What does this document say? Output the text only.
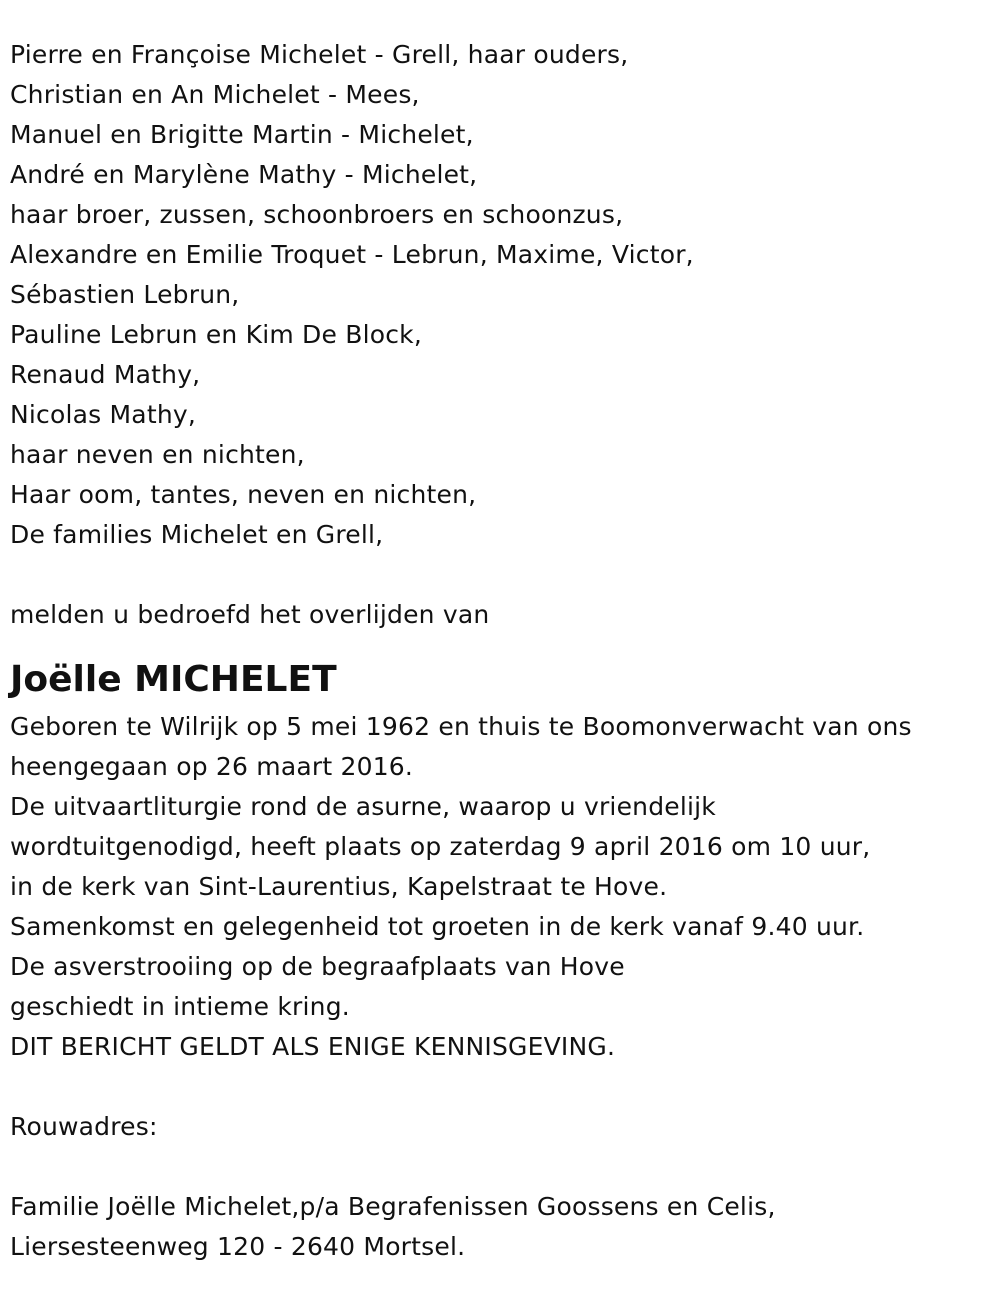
Pierre en Françoise Michelet - Grell, haar ouders,
Christian en An Michelet - Mees,
Manuel en Brigitte Martin - Michelet,
André en Marylène Mathy - Michelet,
haar broer, zussen, schoonbroers en schoonzus,
Alexandre en Emilie Troquet - Lebrun, Maxime, Victor,
Sébastien Lebrun,
Pauline Lebrun en Kim De Block,
Renaud Mathy,
Nicolas Mathy,
haar neven en nichten,
Haar oom, tantes, neven en nichten,
De families Michelet en Grell,
melden u bedroefd het overlijden van
Joëlle MICHELET
Geboren te Wilrijk op 5 mei 1962 en thuis te Boomonverwacht van ons
heengegaan op 26 maart 2016.
De uitvaartliturgie rond de asurne, waarop u vriendelijk
wordtuitgenodigd, heeft plaats op zaterdag 9 april 2016 om 10 uur,
in de kerk van Sint-Laurentius, Kapelstraat te Hove.
Samenkomst en gelegenheid tot groeten in de kerk vanaf 9.40 uur.
De asverstrooiing op de begraafplaats van Hove
geschiedt in intieme kring.
DIT BERICHT GELDT ALS ENIGE KENNISGEVING.
Rouwadres:
Familie Joëlle Michelet,p/a Begrafenissen Goossens en Celis,
Liersesteenweg 120 - 2640 Mortsel.
